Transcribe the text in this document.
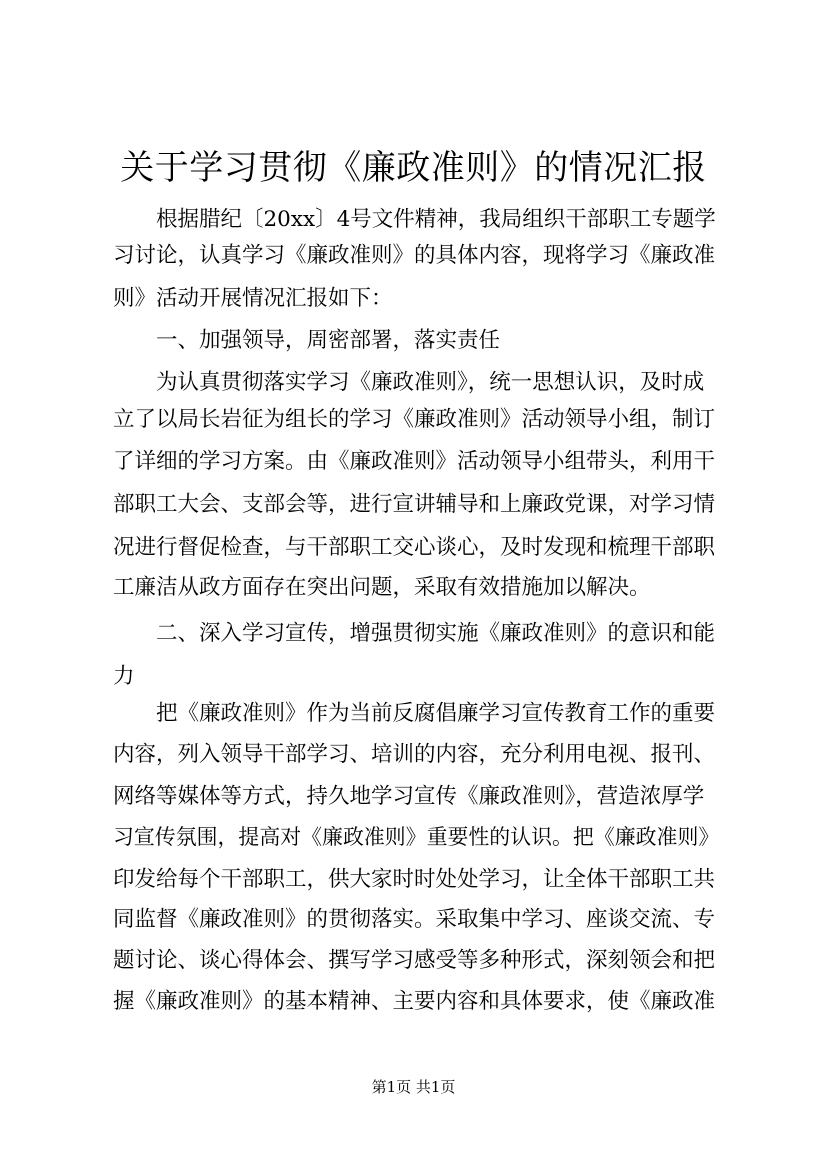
关于学习贯彻《廉政准则》的情况汇报
根据腊纪〔20xx〕4号文件精神，我局组织干部职工专题学
习讨论，认真学习《廉政准则》的具体内容，现将学习《廉政准
则》活动开展情况汇报如下：
一、加强领导，周密部署，落实责任
为认真贯彻落实学习《廉政准则》，统一思想认识，及时成
立了以局长岩征为组长的学习《廉政准则》活动领导小组，制订
了详细的学习方案。由《廉政准则》活动领导小组带头，利用干
部职工大会、支部会等，进行宣讲辅导和上廉政党课，对学习情
况进行督促检查，与干部职工交心谈心，及时发现和梳理干部职
工廉洁从政方面存在突出问题，采取有效措施加以解决。
二、深入学习宣传，增强贯彻实施《廉政准则》的意识和能
力
把《廉政准则》作为当前反腐倡廉学习宣传教育工作的重要
内容，列入领导干部学习、培训的内容，充分利用电视、报刊、
网络等媒体等方式，持久地学习宣传《廉政准则》，营造浓厚学
习宣传氛围，提高对《廉政准则》重要性的认识。把《廉政准则》
印发给每个干部职工，供大家时时处处学习，让全体干部职工共
同监督《廉政准则》的贯彻落实。采取集中学习、座谈交流、专
题讨论、谈心得体会、撰写学习感受等多种形式，深刻领会和把
握《廉政准则》的基本精神、主要内容和具体要求，使《廉政准
第1页 共1页
